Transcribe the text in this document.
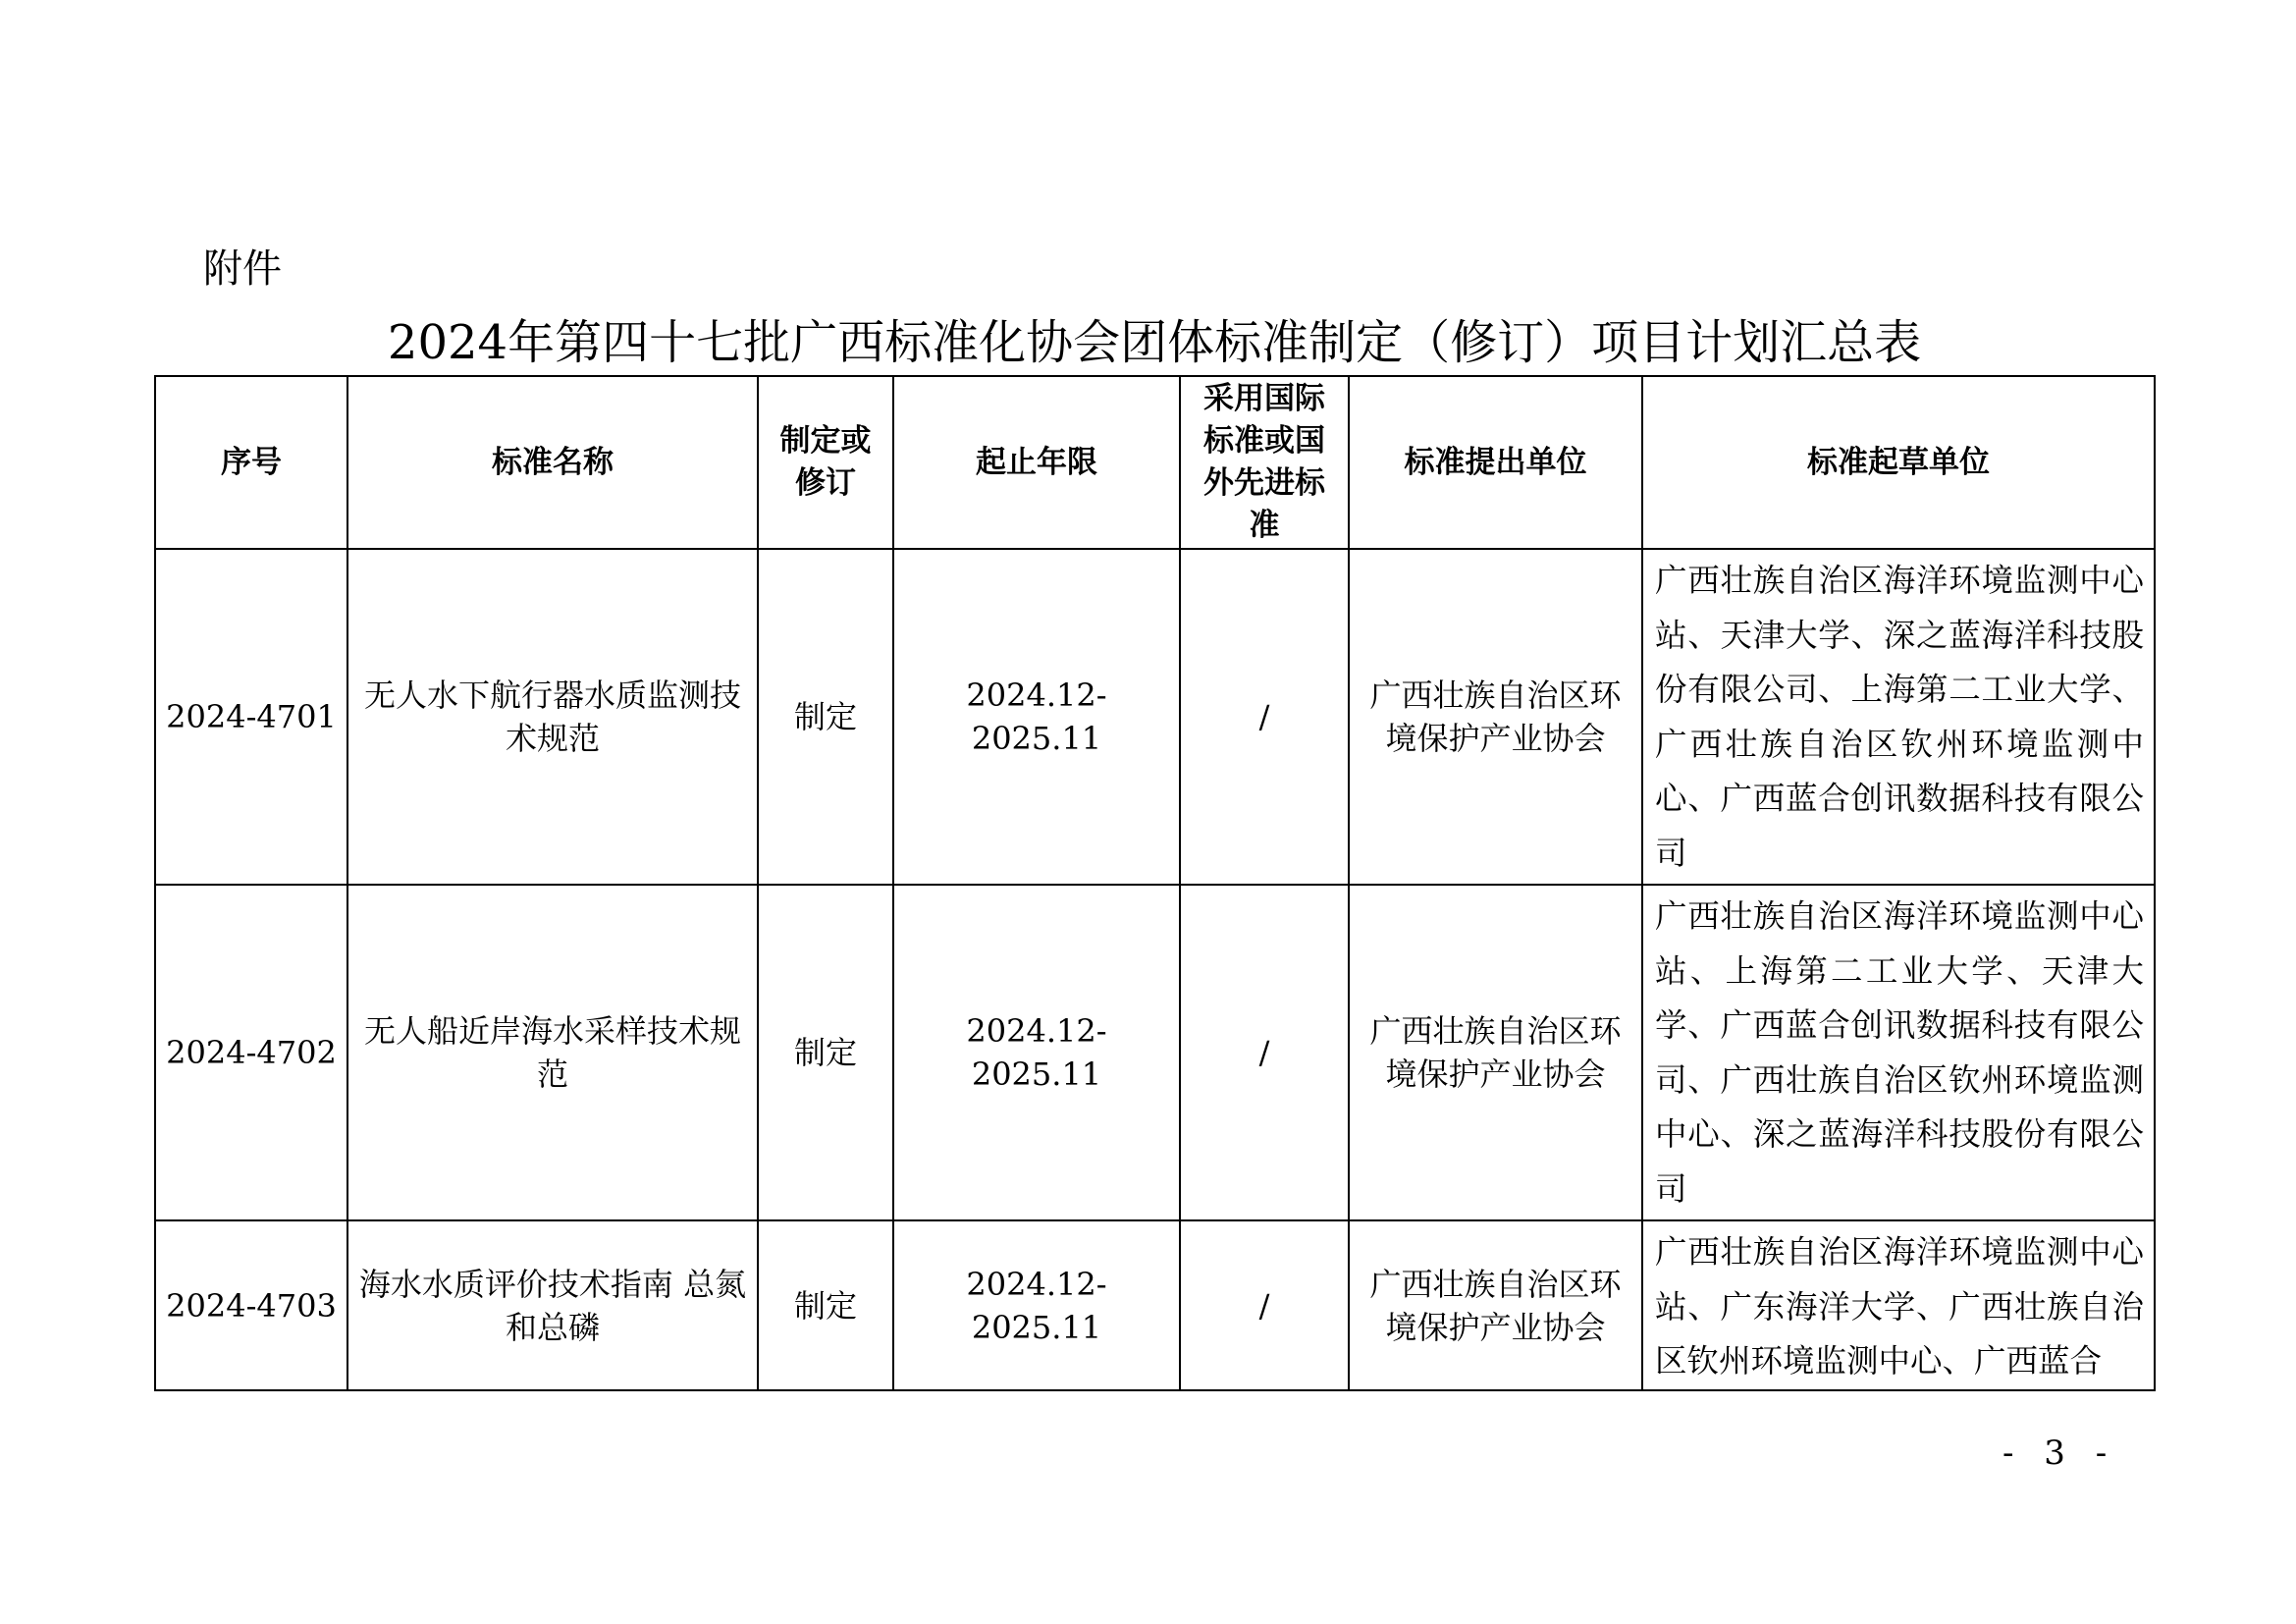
附件
2024年第四十七批广西标准化协会团体标准制定（修订）项目计划汇总表
序号	标准名称	制定或修订	起止年限	采用国际标准或国外先进标准	标准提出单位	标准起草单位
2024-4701	无人水下航行器水质监测技术规范	制定	2024.12-2025.11	/	广西壮族自治区环境保护产业协会	广西壮族自治区海洋环境监测中心站、天津大学、深之蓝海洋科技股份有限公司、上海第二工业大学、广西壮族自治区钦州环境监测中心、广西蓝合创讯数据科技有限公司
2024-4702	无人船近岸海水采样技术规范	制定	2024.12-2025.11	/	广西壮族自治区环境保护产业协会	广西壮族自治区海洋环境监测中心站、上海第二工业大学、天津大学、广西蓝合创讯数据科技有限公司、广西壮族自治区钦州环境监测中心、深之蓝海洋科技股份有限公司
2024-4703	海水水质评价技术指南 总氮和总磷	制定	2024.12-2025.11	/	广西壮族自治区环境保护产业协会	广西壮族自治区海洋环境监测中心站、广东海洋大学、广西壮族自治区钦州环境监测中心、广西蓝合
- 3 -
